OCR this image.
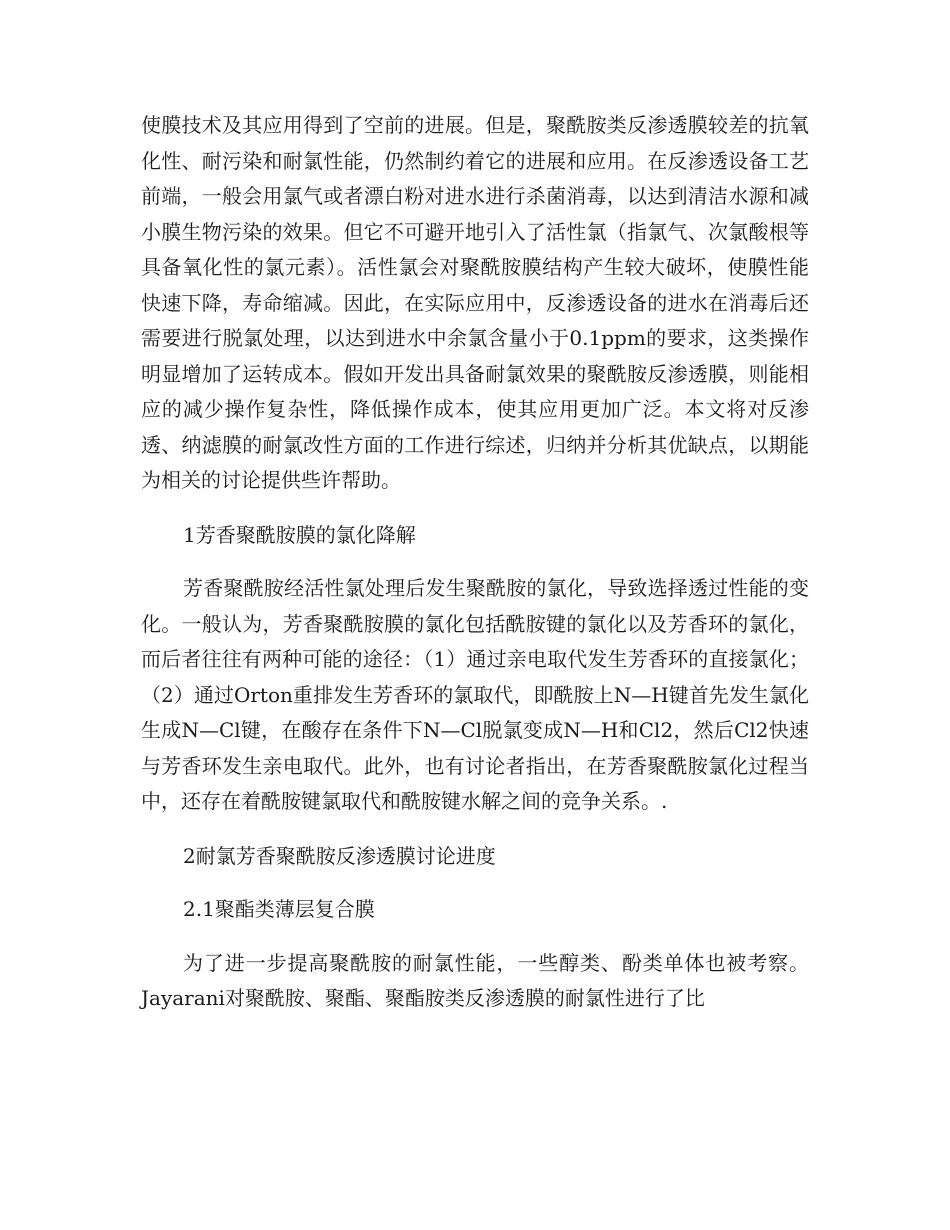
使膜技术及其应用得到了空前的进展。但是，聚酰胺类反渗透膜较差的抗氧化性、耐污染和耐氯性能，仍然制约着它的进展和应用。在反渗透设备工艺前端，一般会用氯气或者漂白粉对进水进行杀菌消毒，以达到清洁水源和减小膜生物污染的效果。但它不可避开地引入了活性氯（指氯气、次氯酸根等具备氧化性的氯元素）。活性氯会对聚酰胺膜结构产生较大破坏，使膜性能快速下降，寿命缩减。因此，在实际应用中，反渗透设备的进水在消毒后还需要进行脱氯处理，以达到进水中余氯含量小于0.1ppm的要求，这类操作明显增加了运转成本。假如开发出具备耐氯效果的聚酰胺反渗透膜，则能相应的减少操作复杂性，降低操作成本，使其应用更加广泛。本文将对反渗透、纳滤膜的耐氯改性方面的工作进行综述，归纳并分析其优缺点，以期能为相关的讨论提供些许帮助。

1芳香聚酰胺膜的氯化降解

芳香聚酰胺经活性氯处理后发生聚酰胺的氯化，导致选择透过性能的变化。一般认为，芳香聚酰胺膜的氯化包括酰胺键的氯化以及芳香环的氯化，而后者往往有两种可能的途径：（1）通过亲电取代发生芳香环的直接氯化；（2）通过Orton重排发生芳香环的氯取代，即酰胺上N—H键首先发生氯化生成N—Cl键，在酸存在条件下N—Cl脱氯变成N—H和Cl2，然后Cl2快速与芳香环发生亲电取代。此外，也有讨论者指出，在芳香聚酰胺氯化过程当中，还存在着酰胺键氯取代和酰胺键水解之间的竞争关系。.

2耐氯芳香聚酰胺反渗透膜讨论进度

2.1聚酯类薄层复合膜

为了进一步提高聚酰胺的耐氯性能，一些醇类、酚类单体也被考察。Jayarani对聚酰胺、聚酯、聚酯胺类反渗透膜的耐氯性进行了比
